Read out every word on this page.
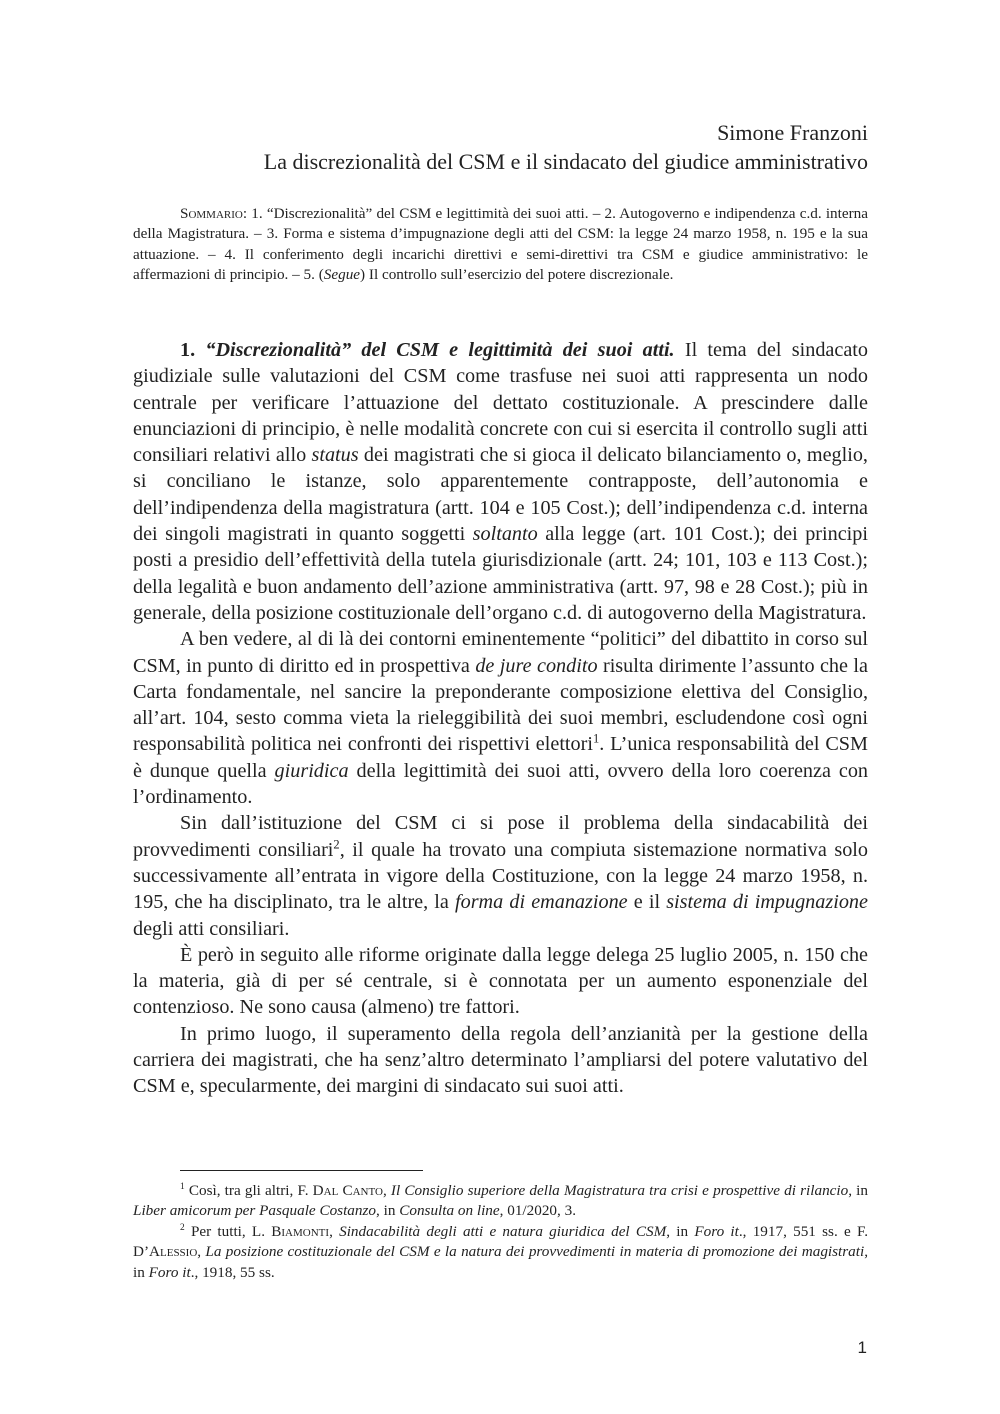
Simone Franzoni
La discrezionalità del CSM e il sindacato del giudice amministrativo
Sommario: 1. “Discrezionalità” del CSM e legittimità dei suoi atti. – 2. Autogoverno e indipendenza c.d. interna della Magistratura. – 3. Forma e sistema d’impugnazione degli atti del CSM: la legge 24 marzo 1958, n. 195 e la sua attuazione. – 4. Il conferimento degli incarichi direttivi e semi-direttivi tra CSM e giudice amministrativo: le affermazioni di principio. – 5. (Segue) Il controllo sull’esercizio del potere discrezionale.

1. “Discrezionalità” del CSM e legittimità dei suoi atti. Il tema del sindacato giudiziale sulle valutazioni del CSM come trasfuse nei suoi atti rappresenta un nodo centrale per verificare l’attuazione del dettato costituzionale. A prescindere dalle enunciazioni di principio, è nelle modalità concrete con cui si esercita il controllo sugli atti consiliari relativi allo status dei magistrati che si gioca il delicato bilanciamento o, meglio, si conciliano le istanze, solo apparentemente contrapposte, dell’autonomia e dell’indipendenza della magistratura (artt. 104 e 105 Cost.); dell’indipendenza c.d. interna dei singoli magistrati in quanto soggetti soltanto alla legge (art. 101 Cost.); dei principi posti a presidio dell’effettività della tutela giurisdizionale (artt. 24; 101, 103 e 113 Cost.); della legalità e buon andamento dell’azione amministrativa (artt. 97, 98 e 28 Cost.); più in generale, della posizione costituzionale dell’organo c.d. di autogoverno della Magistratura.

A ben vedere, al di là dei contorni eminentemente “politici” del dibattito in corso sul CSM, in punto di diritto ed in prospettiva de jure condito risulta dirimente l’assunto che la Carta fondamentale, nel sancire la preponderante composizione elettiva del Consiglio, all’art. 104, sesto comma vieta la rieleggibilità dei suoi membri, escludendone così ogni responsabilità politica nei confronti dei rispettivi elettori$^1$. L’unica responsabilità del CSM è dunque quella giuridica della legittimità dei suoi atti, ovvero della loro coerenza con l’ordinamento.

Sin dall’istituzione del CSM ci si pose il problema della sindacabilità dei provvedimenti consiliari$^2$, il quale ha trovato una compiuta sistemazione normativa solo successivamente all’entrata in vigore della Costituzione, con la legge 24 marzo 1958, n. 195, che ha disciplinato, tra le altre, la forma di emanazione e il sistema di impugnazione degli atti consiliari.

È però in seguito alle riforme originate dalla legge delega 25 luglio 2005, n. 150 che la materia, già di per sé centrale, si è connotata per un aumento esponenziale del contenzioso. Ne sono causa (almeno) tre fattori.

In primo luogo, il superamento della regola dell’anzianità per la gestione della carriera dei magistrati, che ha senz’altro determinato l’ampliarsi del potere valutativo del CSM e, specularmente, dei margini di sindacato sui suoi atti.

$^1$ Così, tra gli altri, F. Dal Canto, Il Consiglio superiore della Magistratura tra crisi e prospettive di rilancio, in Liber amicorum per Pasquale Costanzo, in Consulta on line, 01/2020, 3.

$^2$ Per tutti, L. Biamonti, Sindacabilità degli atti e natura giuridica del CSM, in Foro it., 1917, 551 ss. e F. D’Alessio, La posizione costituzionale del CSM e la natura dei provvedimenti in materia di promozione dei magistrati, in Foro it., 1918, 55 ss.

1
